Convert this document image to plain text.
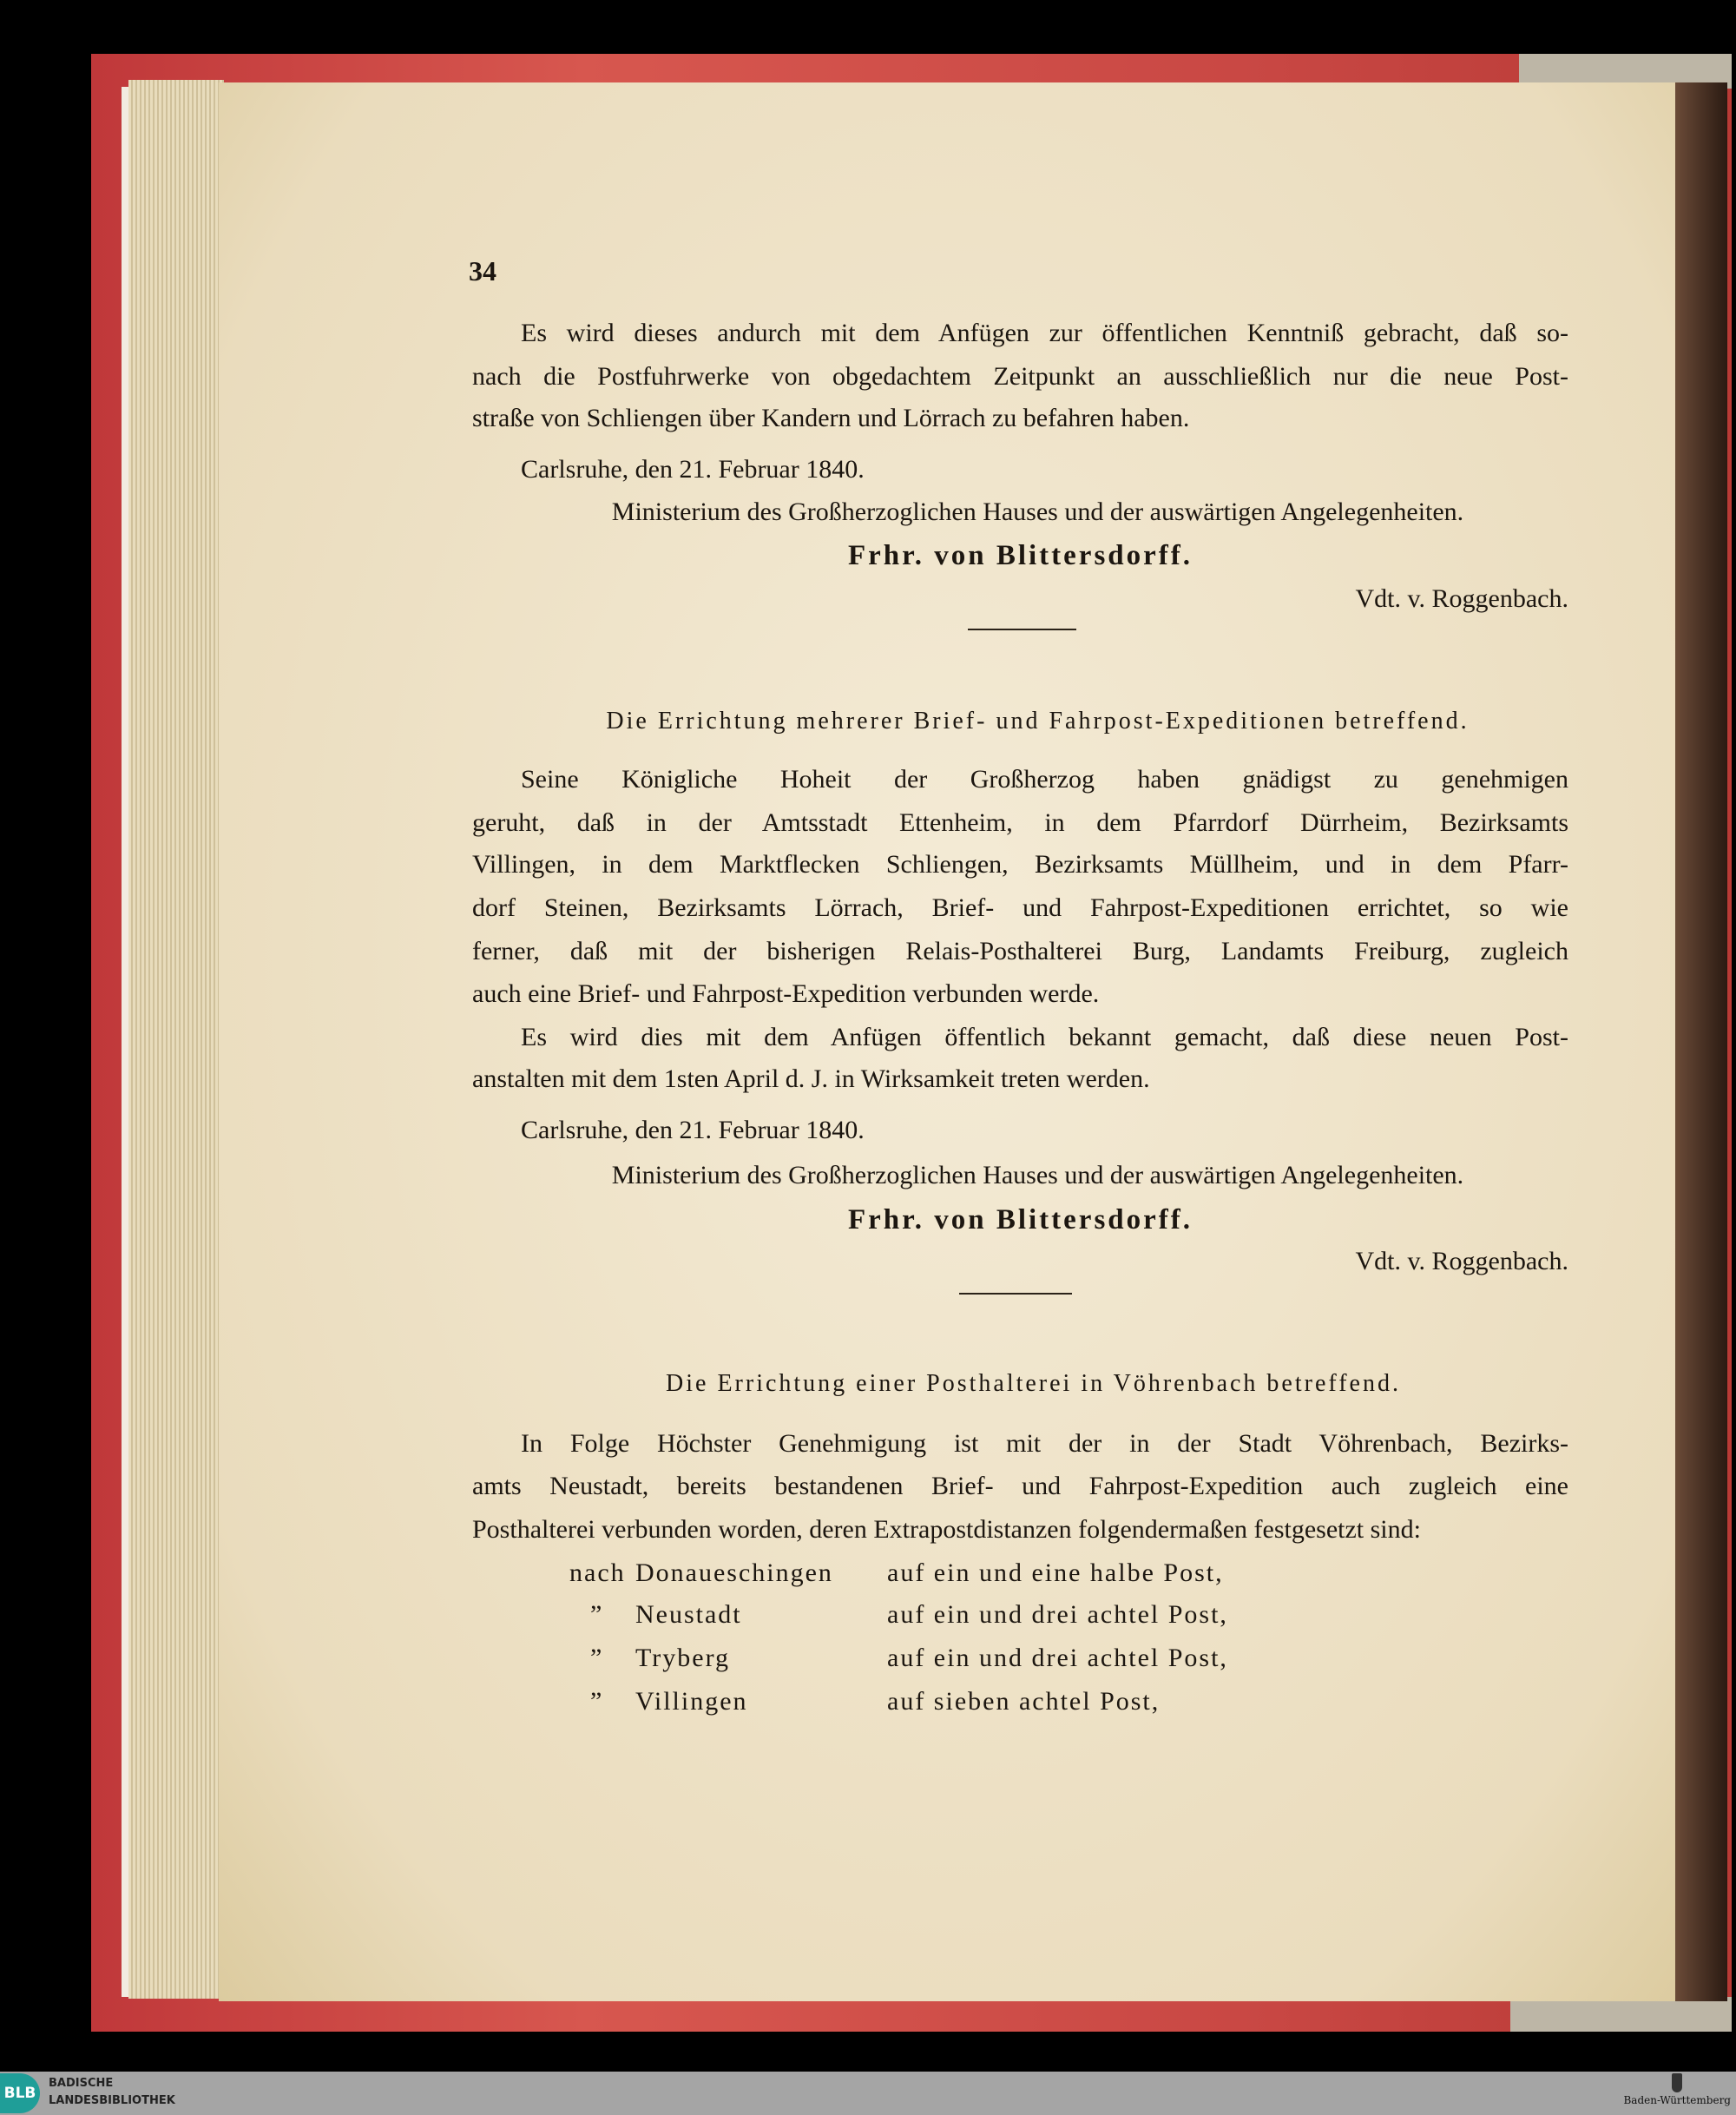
34
Es wird dieses andurch mit dem Anfügen zur öffentlichen Kenntniß gebracht, daß so-
nach die Postfuhrwerke von obgedachtem Zeitpunkt an ausschließlich nur die neue Post-
straße von Schliengen über Kandern und Lörrach zu befahren haben.
Carlsruhe, den 21. Februar 1840.
Ministerium des Großherzoglichen Hauses und der auswärtigen Angelegenheiten.
Frhr. von Blittersdorff.
Vdt. v. Roggenbach.
Die Errichtung mehrerer Brief- und Fahrpost-Expeditionen betreffend.
Seine Königliche Hoheit der Großherzog haben gnädigst zu genehmigen
geruht, daß in der Amtsstadt Ettenheim, in dem Pfarrdorf Dürrheim, Bezirksamts
Villingen, in dem Marktflecken Schliengen, Bezirksamts Müllheim, und in dem Pfarr-
dorf Steinen, Bezirksamts Lörrach, Brief- und Fahrpost-Expeditionen errichtet, so wie
ferner, daß mit der bisherigen Relais-Posthalterei Burg, Landamts Freiburg, zugleich
auch eine Brief- und Fahrpost-Expedition verbunden werde.
Es wird dies mit dem Anfügen öffentlich bekannt gemacht, daß diese neuen Post-
anstalten mit dem 1sten April d. J. in Wirksamkeit treten werden.
Carlsruhe, den 21. Februar 1840.
Ministerium des Großherzoglichen Hauses und der auswärtigen Angelegenheiten.
Frhr. von Blittersdorff.
Vdt. v. Roggenbach.
Die Errichtung einer Posthalterei in Vöhrenbach betreffend.
In Folge Höchster Genehmigung ist mit der in der Stadt Vöhrenbach, Bezirks-
amts Neustadt, bereits bestandenen Brief- und Fahrpost-Expedition auch zugleich eine
Posthalterei verbunden worden, deren Extrapostdistanzen folgendermaßen festgesetzt sind:
nach Donaueschingen auf ein und eine halbe Post,
” Neustadt	auf ein und drei achtel Post,
” Tryberg	auf ein und drei achtel Post,
” Villingen	auf sieben achtel Post,
BLB
BADISCHE
LANDESBIBLIOTHEK	Baden-Württemberg
